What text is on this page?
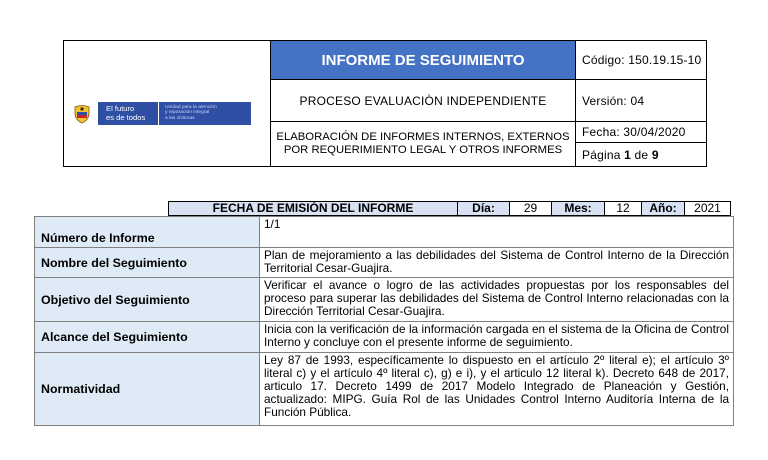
El futuro
es de todos
Unidad para la atención
y reparación integral
a las víctimas	INFORME DE SEGUIMIENTO	Código: 150.19.15-10
	PROCESO EVALUACIÒN INDEPENDIENTE	Versión: 04
	ELABORACIÓN DE INFORMES INTERNOS, EXTERNOS POR REQUERIMIENTO LEGAL Y OTROS INFORMES	Fecha: 30/04/2020
		Página 1 de 9
FECHA DE EMISIÓN DEL INFORME	Día:	29	Mes:	12	Año:	2021
Número de Informe	1/1
Nombre del Seguimiento	Plan de mejoramiento a las debilidades del Sistema de Control Interno de la Dirección Territorial Cesar-Guajira.
Objetivo del Seguimiento	Verificar el avance o logro de las actividades propuestas por los responsables del proceso para superar las debilidades del Sistema de Control Interno relacionadas con la Dirección Territorial Cesar-Guajira.
Alcance del Seguimiento	Inicia con la verificación de la información cargada en el sistema de la Oficina de Control Interno y concluye con el presente informe de seguimiento.
Normatividad	Ley 87 de 1993, específicamente lo dispuesto en el artículo 2º literal e); el artículo 3º literal c) y el artículo 4º literal c), g) e i), y el articulo 12 literal k). Decreto 648 de 2017, articulo 17. Decreto 1499 de 2017 Modelo Integrado de Planeación y Gestión, actualizado: MIPG. Guía Rol de las Unidades Control Interno Auditoría Interna de la Función Pública.
